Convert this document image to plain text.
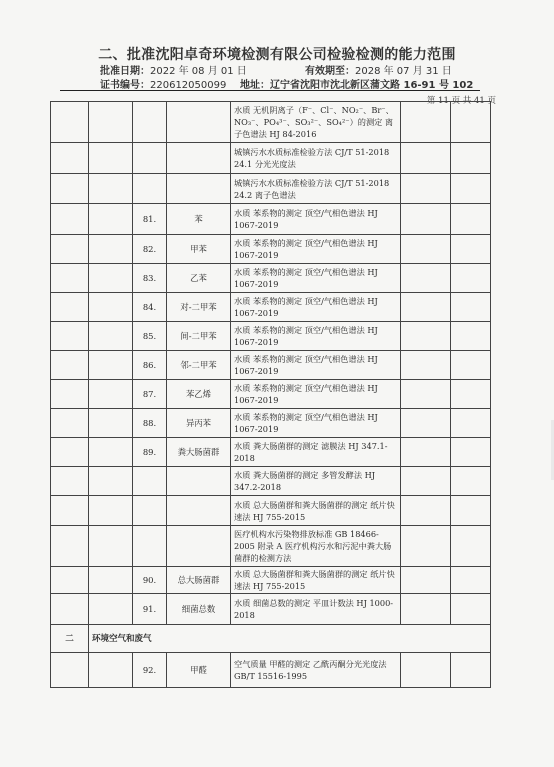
二、批准沈阳卓奇环境检测有限公司检验检测的能力范围
批准日期：2022 年 08 月 01 日	有效期至：2028 年 07 月 31 日
证书编号：220612050099 地址：辽宁省沈阳市沈北新区蒲文路 16-91 号 102
第 11 页 共 41 页
				水质 无机阴离子（F⁻、Cl⁻、NO₂⁻、Br⁻、NO₃⁻、PO₄³⁻、SO₃²⁻、SO₄²⁻）的测定 离子色谱法 HJ 84-2016		
				城镇污水水质标准检验方法 CJ/T 51-2018 24.1 分光光度法		
				城镇污水水质标准检验方法 CJ/T 51-2018 24.2 离子色谱法		
		81.	苯	水质 苯系物的测定 顶空/气相色谱法 HJ 1067-2019		
		82.	甲苯	水质 苯系物的测定 顶空/气相色谱法 HJ 1067-2019		
		83.	乙苯	水质 苯系物的测定 顶空/气相色谱法 HJ 1067-2019		
		84.	对-二甲苯	水质 苯系物的测定 顶空/气相色谱法 HJ 1067-2019		
		85.	间-二甲苯	水质 苯系物的测定 顶空/气相色谱法 HJ 1067-2019		
		86.	邻-二甲苯	水质 苯系物的测定 顶空/气相色谱法 HJ 1067-2019		
		87.	苯乙烯	水质 苯系物的测定 顶空/气相色谱法 HJ 1067-2019		
		88.	异丙苯	水质 苯系物的测定 顶空/气相色谱法 HJ 1067-2019		
		89.	粪大肠菌群	水质 粪大肠菌群的测定 滤膜法 HJ 347.1-2018		
				水质 粪大肠菌群的测定 多管发酵法 HJ 347.2-2018		
				水质 总大肠菌群和粪大肠菌群的测定 纸片快速法 HJ 755-2015		
				医疗机构水污染物排放标准 GB 18466-2005 附录 A 医疗机构污水和污泥中粪大肠菌群的检测方法		
		90.	总大肠菌群	水质 总大肠菌群和粪大肠菌群的测定 纸片快速法 HJ 755-2015		
		91.	细菌总数	水质 细菌总数的测定 平皿计数法 HJ 1000-2018		
二	环境空气和废气					
		92.	甲醛	空气质量 甲醛的测定 乙酰丙酮分光光度法 GB/T 15516-1995		
